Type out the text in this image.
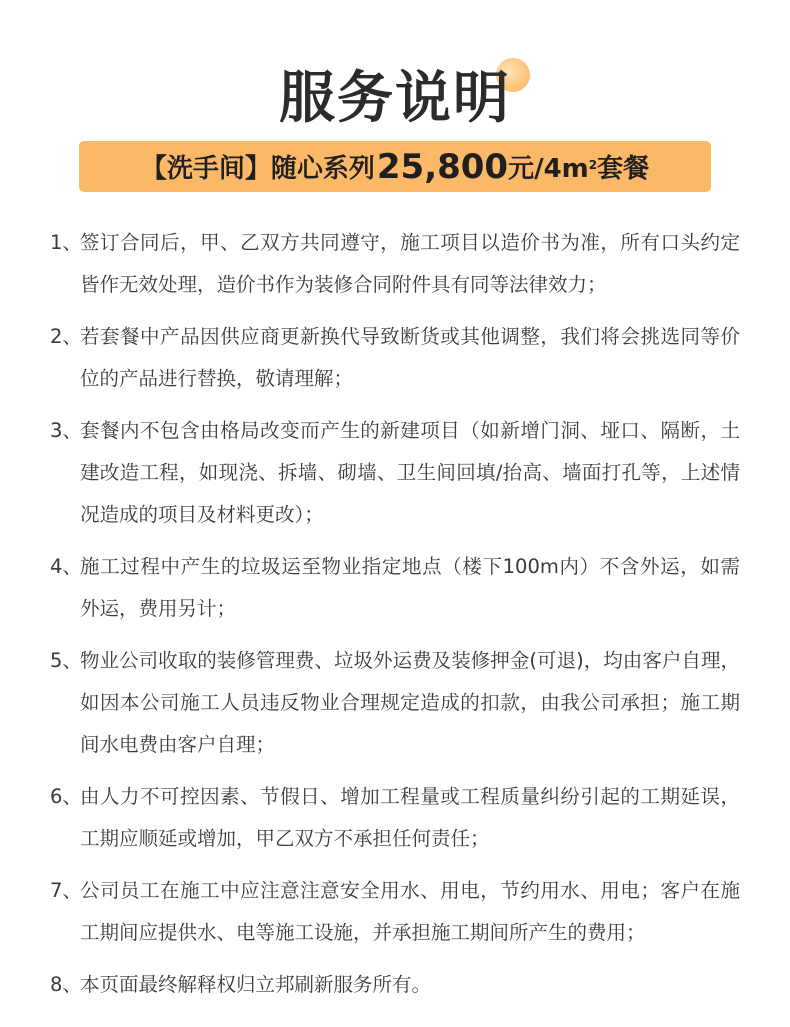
服务说明
【洗手间】随心系列 25,800 元/4m 2 套餐
1、
签订合同后，甲、乙双方共同遵守，施工项目以造价书为准，所有口头约定皆作无效处理，造价书作为装修合同附件具有同等法律效力；
2、
若套餐中产品因供应商更新换代导致断货或其他调整，我们将会挑选同等价位的产品进行替换，敬请理解；
3、
套餐内不包含由格局改变而产生的新建项目（如新增门洞、垭口、隔断，土建改造工程，如现浇、拆墙、砌墙、卫生间回填/抬高、墙面打孔等，上述情况造成的项目及材料更改）；
4、
施工过程中产生的垃圾运至物业指定地点（楼下100m内）不含外运，如需外运，费用另计；
5、
物业公司收取的装修管理费、垃圾外运费及装修押金(可退)，均由客户自理，如因本公司施工人员违反物业合理规定造成的扣款，由我公司承担；施工期间水电费由客户自理；
6、
由人力不可控因素、节假日、增加工程量或工程质量纠纷引起的工期延误，工期应顺延或增加，甲乙双方不承担任何责任；
7、
公司员工在施工中应注意注意安全用水、用电，节约用水、用电；客户在施工期间应提供水、电等施工设施，并承担施工期间所产生的费用；
8、
本页面最终解释权归立邦刷新服务所有。
